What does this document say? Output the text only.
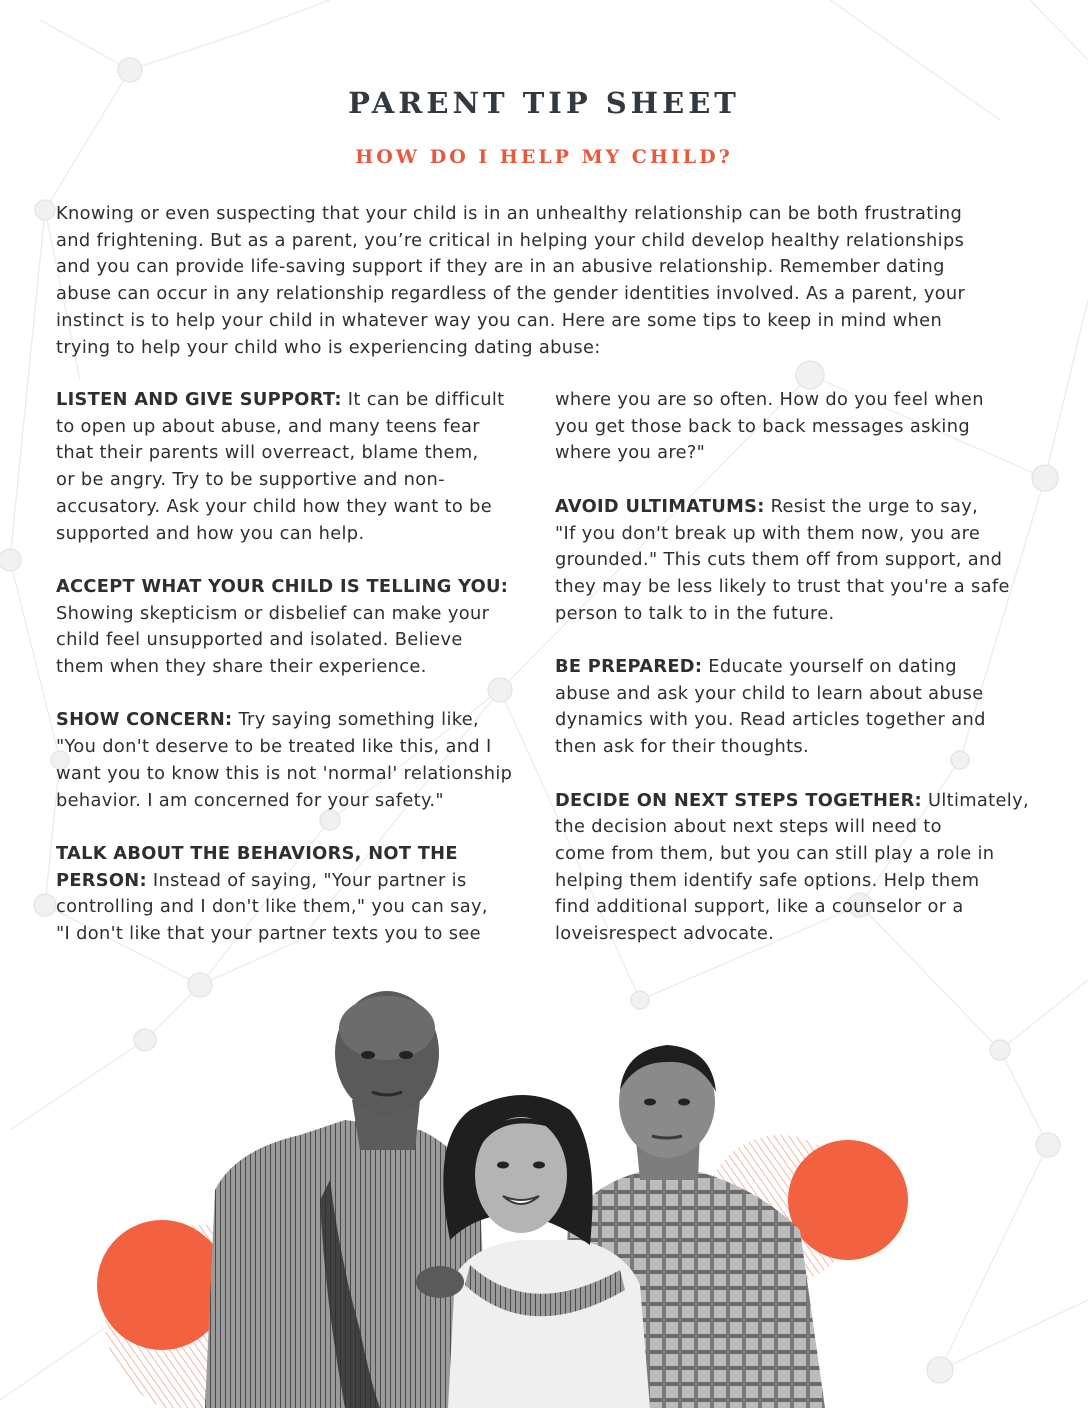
PARENT TIP SHEET
HOW DO I HELP MY CHILD?

Knowing or even suspecting that your child is in an unhealthy relationship can be both frustrating
and frightening. But as a parent, you’re critical in helping your child develop healthy relationships
and you can provide life-saving support if they are in an abusive relationship. Remember dating
abuse can occur in any relationship regardless of the gender identities involved. As a parent, your
instinct is to help your child in whatever way you can. Here are some tips to keep in mind when
trying to help your child who is experiencing dating abuse:

LISTEN AND GIVE SUPPORT: It can be difficult
to open up about abuse, and many teens fear
that their parents will overreact, blame them,
or be angry. Try to be supportive and non-
accusatory. Ask your child how they want to be
supported and how you can help.
ACCEPT WHAT YOUR CHILD IS TELLING YOU:
Showing skepticism or disbelief can make your
child feel unsupported and isolated. Believe
them when they share their experience.
SHOW CONCERN: Try saying something like,
"You don't deserve to be treated like this, and I
want you to know this is not 'normal' relationship
behavior. I am concerned for your safety."
TALK ABOUT THE BEHAVIORS, NOT THE
PERSON: Instead of saying, "Your partner is
controlling and I don't like them," you can say,
"I don't like that your partner texts you to see
where you are so often. How do you feel when
you get those back to back messages asking
where you are?"
AVOID ULTIMATUMS: Resist the urge to say,
"If you don't break up with them now, you are
grounded." This cuts them off from support, and
they may be less likely to trust that you're a safe
person to talk to in the future.
BE PREPARED: Educate yourself on dating
abuse and ask your child to learn about abuse
dynamics with you. Read articles together and
then ask for their thoughts.
DECIDE ON NEXT STEPS TOGETHER: Ultimately,
the decision about next steps will need to
come from them, but you can still play a role in
helping them identify safe options. Help them
find additional support, like a counselor or a
loveisrespect advocate.
